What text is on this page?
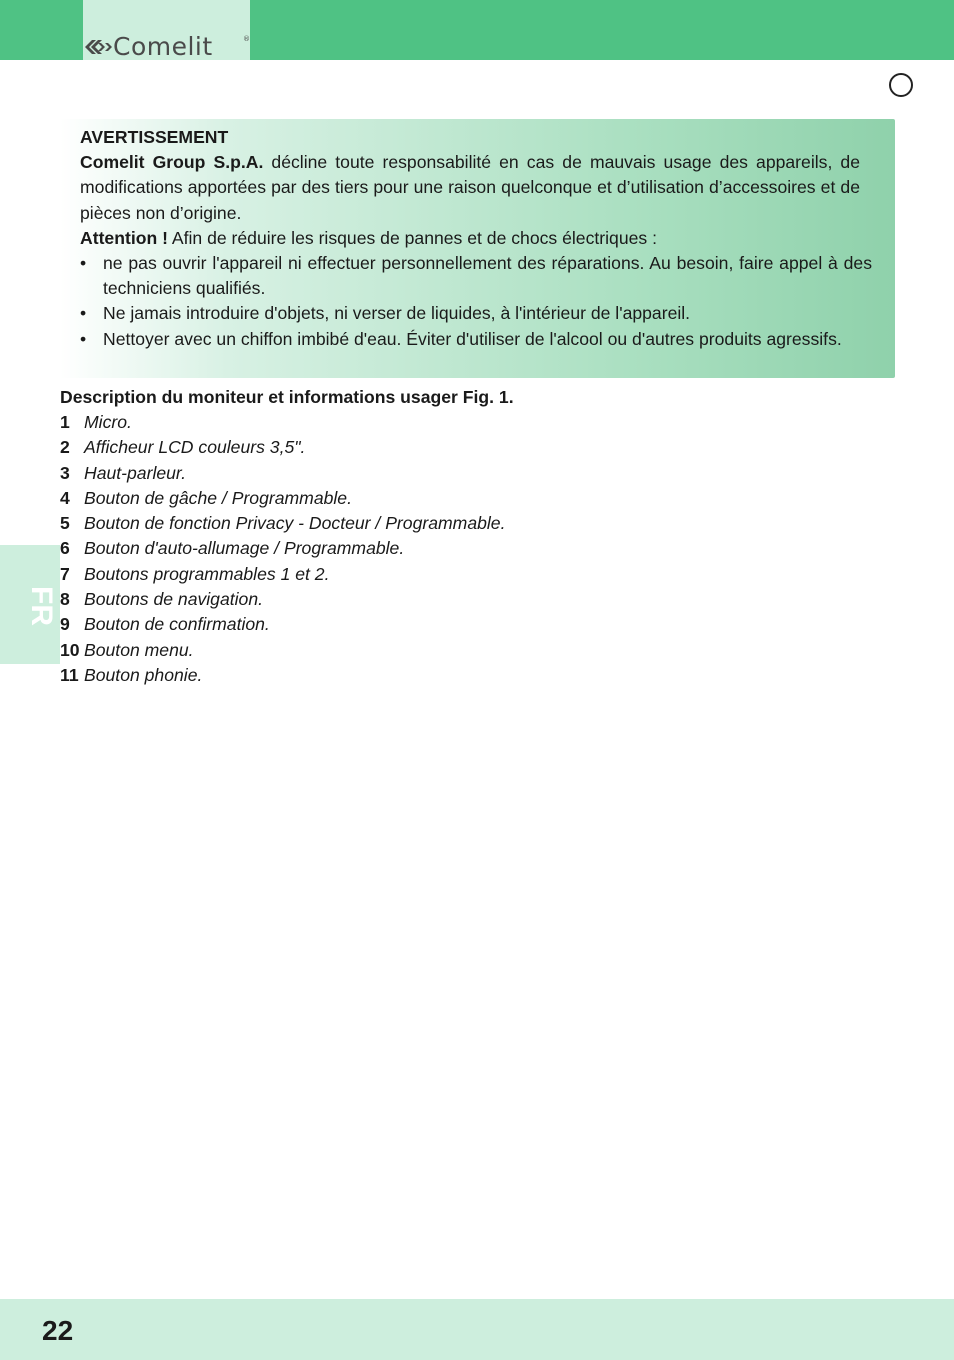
Comelit	®

AVERTISSEMENT

Comelit Group S.p.A. décline toute responsabilité en cas de mauvais usage des appareils, de modifications apportées par des tiers pour une raison quelconque et d’utilisation d’accessoires et de pièces non d’origine.

Attention ! Afin de réduire les risques de pannes et de chocs électriques :

• ne pas ouvrir l'appareil ni effectuer personnellement des réparations. Au besoin, faire appel à des techniciens qualifiés.
• Ne jamais introduire d'objets, ni verser de liquides, à l'intérieur de l'appareil.
• Nettoyer avec un chiffon imbibé d'eau. Éviter d'utiliser de l'alcool ou d'autres produits agressifs.

Description du moniteur et informations usager Fig. 1.

1 Micro.
2 Afficheur LCD couleurs 3,5".
3 Haut-parleur.
4 Bouton de gâche / Programmable.
5 Bouton de fonction Privacy - Docteur / Programmable.
6 Bouton d'auto-allumage / Programmable.
7 Boutons programmables 1 et 2.
8 Boutons de navigation.
9 Bouton de confirmation.
10 Bouton menu.
11 Bouton phonie.
FR
22
